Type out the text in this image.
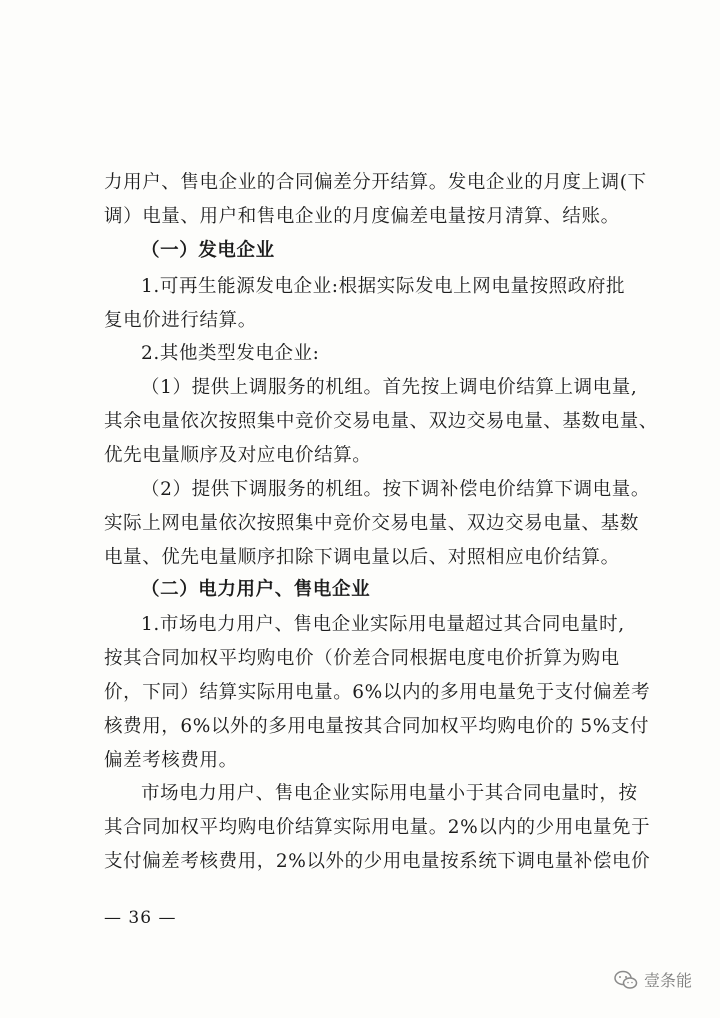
力用户、售电企业的合同偏差分开结算。发电企业的月度上调(下
调）电量、用户和售电企业的月度偏差电量按月清算、结账。
（一）发电企业
1.可再生能源发电企业:根据实际发电上网电量按照政府批
复电价进行结算。
2.其他类型发电企业:
（1）提供上调服务的机组。首先按上调电价结算上调电量,
其余电量依次按照集中竞价交易电量、双边交易电量、基数电量、
优先电量顺序及对应电价结算。
（2）提供下调服务的机组。按下调补偿电价结算下调电量。
实际上网电量依次按照集中竞价交易电量、双边交易电量、基数
电量、优先电量顺序扣除下调电量以后、对照相应电价结算。
（二）电力用户、售电企业
1.市场电力用户、售电企业实际用电量超过其合同电量时,
按其合同加权平均购电价（价差合同根据电度电价折算为购电
价，下同）结算实际用电量。6%以内的多用电量免于支付偏差考
核费用，6%以外的多用电量按其合同加权平均购电价的 5%支付
偏差考核费用。
市场电力用户、售电企业实际用电量小于其合同电量时，按
其合同加权平均购电价结算实际用电量。2%以内的少用电量免于
支付偏差考核费用，2%以外的少用电量按系统下调电量补偿电价
— 36 —
壹条能
